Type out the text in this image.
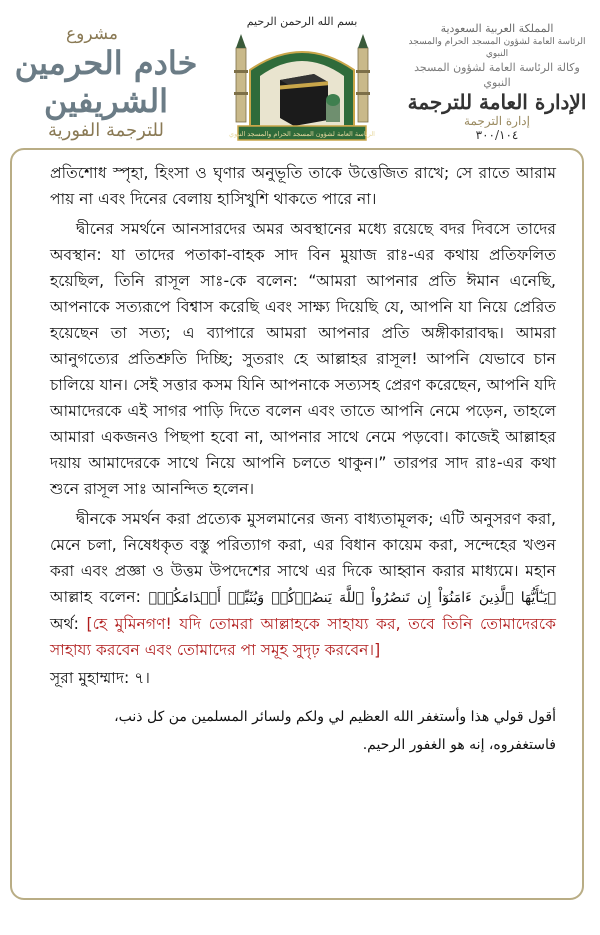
مشروع
خادم الحرمين الشريفين
للترجمة الفورية
بسم الله الرحمن الرحيم
الرئاسة العامة لشؤون المسجد الحرام والمسجد النبوي
المملكة العربية السعودية
الرئاسة العامة لشؤون المسجد الحرام والمسجد النبوي
وكالة الرئاسة العامة لشؤون المسجد النبوي
الإدارة العامة للترجمة
إدارة الترجمة
٣٠٠/١٠٤

প্রতিশোধ স্পৃহা, হিংসা ও ঘৃণার অনুভূতি তাকে উত্তেজিত রাখে; সে রাতে আরাম পায় না এবং দিনের বেলায় হাসিখুশি থাকতে পারে না।

দ্বীনের সমর্থনে আনসারদের অমর অবস্থানের মধ্যে রয়েছে বদর দিবসে তাদের অবস্থান: যা তাদের পতাকা-বাহক সাদ বিন মুয়াজ রাঃ-এর কথায় প্রতিফলিত হয়েছিল, তিনি রাসূল সাঃ-কে বলেন: “আমরা আপনার প্রতি ঈমান এনেছি, আপনাকে সত্যরূপে বিশ্বাস করেছি এবং সাক্ষ্য দিয়েছি যে, আপনি যা নিয়ে প্রেরিত হয়েছেন তা সত্য; এ ব্যাপারে আমরা আপনার প্রতি অঙ্গীকারাবদ্ধ। আমরা আনুগত্যের প্রতিশ্রুতি দিচ্ছি; সুতরাং হে আল্লাহর রাসূল! আপনি যেভাবে চান চালিয়ে যান। সেই সত্তার কসম যিনি আপনাকে সত্যসহ প্রেরণ করেছেন, আপনি যদি আমাদেরকে এই সাগর পাড়ি দিতে বলেন এবং তাতে আপনি নেমে পড়েন, তাহলে আমারা একজনও পিছপা হবো না, আপনার সাথে নেমে পড়বো। কাজেই আল্লাহর দয়ায় আমাদেরকে সাথে নিয়ে আপনি চলতে থাকুন।” তারপর সাদ রাঃ-এর কথা শুনে রাসূল সাঃ আনন্দিত হলেন।

দ্বীনকে সমর্থন করা প্রত্যেক মুসলমানের জন্য বাধ্যতামূলক; এটি অনুসরণ করা, মেনে চলা, নিষেধকৃত বস্তু পরিত্যাগ করা, এর বিধান কায়েম করা, সন্দেহের খণ্ডন করা এবং প্রজ্ঞা ও উত্তম উপদেশের সাথে এর দিকে আহ্বান করার মাধ্যমে। মহান আল্লাহ বলেন: ﴿يَـٰٓأَيُّهَا ٱلَّذِينَ ءَامَنُوٓاْ إِن تَنصُرُواْ ٱللَّهَ يَنصُرۡكُمۡ وَيُثَبِّتۡ أَقۡدَامَكُمۡ﴾ অর্থ: [হে মুমিনগণ! যদি তোমরা আল্লাহকে সাহায্য কর, তবে তিনি তোমাদেরকে সাহায্য করবেন এবং তোমাদের পা সমূহ সুদৃঢ় করবেন।]

সূরা মুহাম্মাদ: ৭।

أقول قولي هذا وأستغفر الله العظيم لي ولكم ولسائر المسلمين من كل ذنب، فاستغفروه، إنه هو الغفور الرحيم.
